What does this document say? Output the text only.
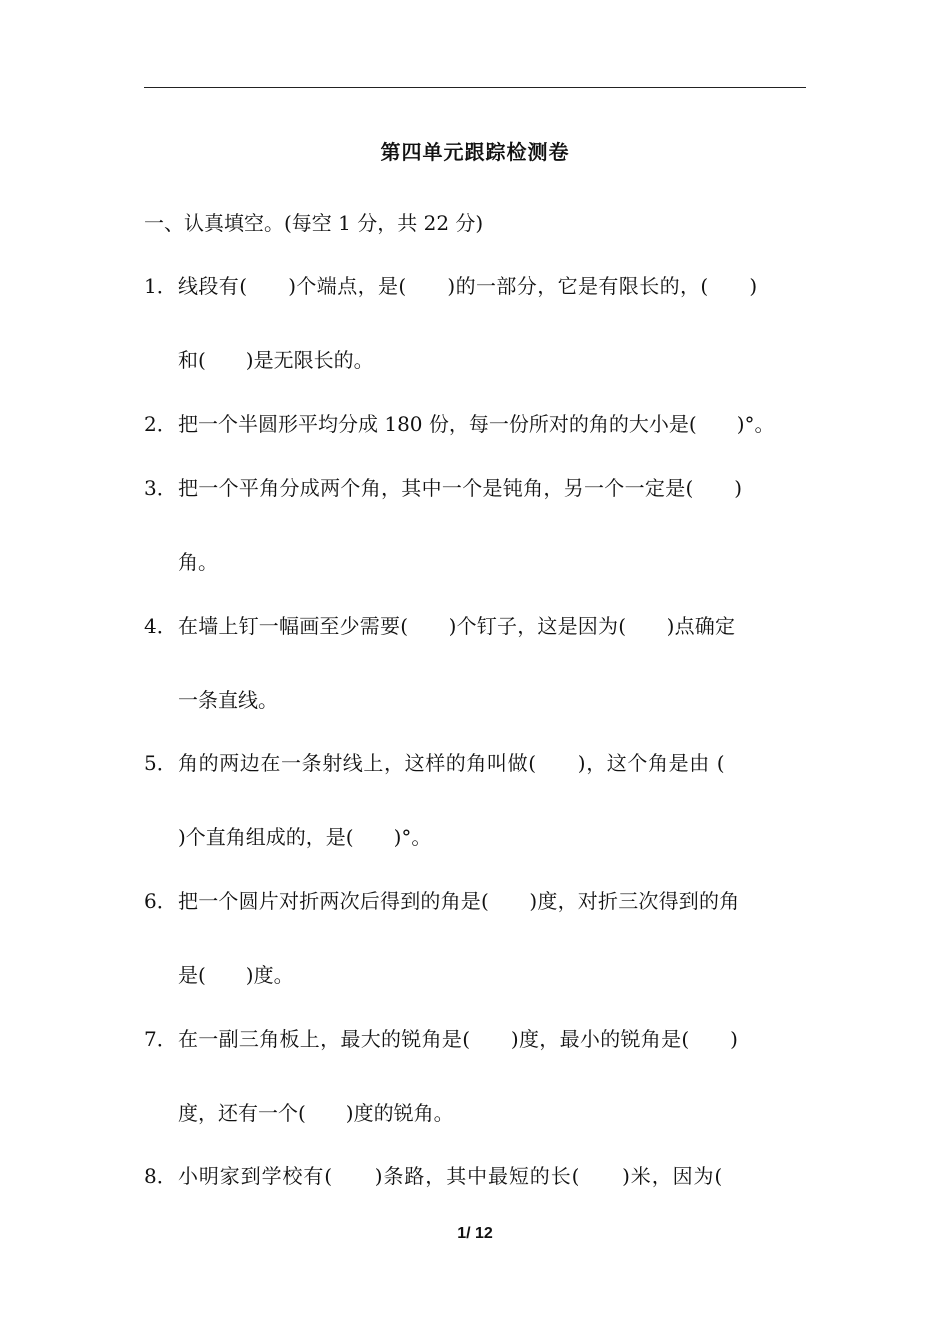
第四单元跟踪检测卷
一、认真填空。(每空 1 分，共 22 分)
1． 线段有(　　)个端点，是(　　)的一部分，它是有限长的，(　　)
和(　　)是无限长的。
2． 把一个半圆形平均分成 180 份，每一份所对的角的大小是(　　)°。
3． 把一个平角分成两个角，其中一个是钝角，另一个一定是(　　)
角。
4． 在墙上钉一幅画至少需要(　　)个钉子，这是因为(　　)点确定
一条直线。
5． 角的两边在一条射线上，这样的角叫做(　　)，这个角是由 (
)个直角组成的，是(　　)°。
6． 把一个圆片对折两次后得到的角是(　　)度，对折三次得到的角
是(　　)度。
7． 在一副三角板上，最大的锐角是(　　)度，最小的锐角是(　　)
度，还有一个(　　)度的锐角。
8． 小明家到学校有(　　)条路，其中最短的长(　　)米，因为(
1/ 12
